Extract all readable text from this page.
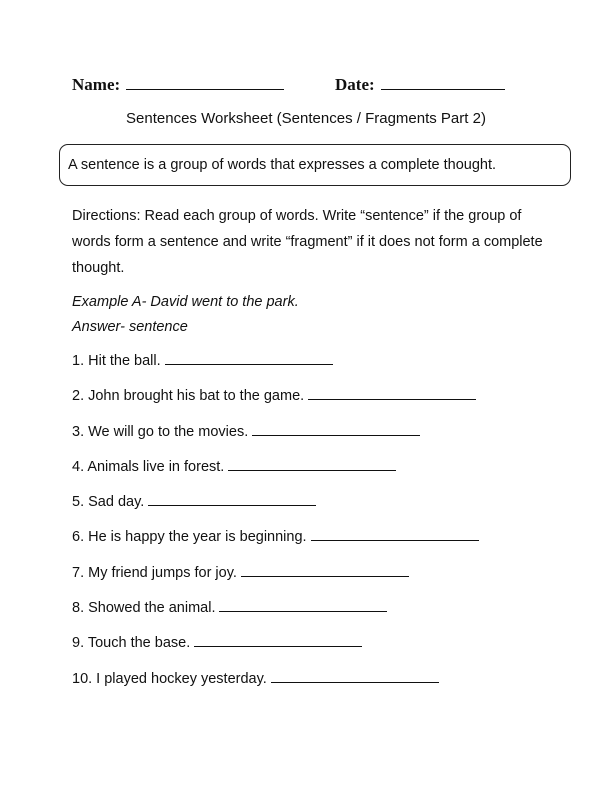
Name:	Date:
Sentences Worksheet (Sentences / Fragments Part 2)
A sentence is a group of words that expresses a complete thought.
Directions: Read each group of words. Write “sentence” if the group of words form a sentence and write “fragment” if it does not form a complete thought.
Example A- David went to the park.
Answer- sentence
1. Hit the ball.
2. John brought his bat to the game.
3. We will go to the movies.
4. Animals live in forest.
5. Sad day.
6. He is happy the year is beginning.
7. My friend jumps for joy.
8. Showed the animal.
9. Touch the base.
10. I played hockey yesterday.
